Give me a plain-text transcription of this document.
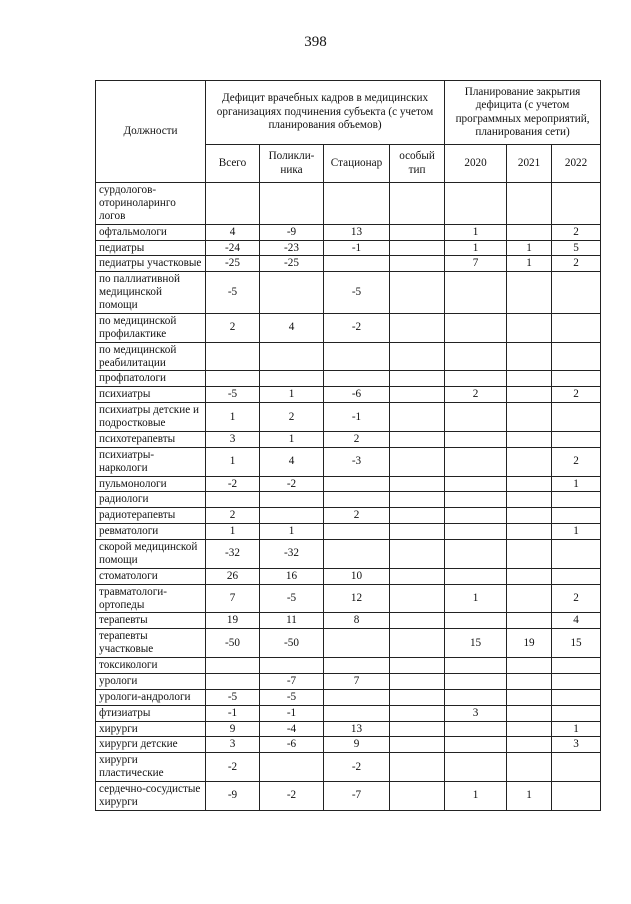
398
Должности	Дефицит врачебных кадров в медицинских организациях подчинения субъекта (с учетом планирования объемов)				Планирование закрытия дефицита (с учетом программных мероприятий, планирования сети)		
	Всего	Поликли-ника	Стационар	особый тип	2020	2021	2022
сурдологов-оториноларинго логов							
офтальмологи	4	-9	13		1		2
педиатры	-24	-23	-1		1	1	5
педиатры участковые	-25	-25			7	1	2
по паллиативной медицинской помощи	-5		-5				
по медицинской профилактике	2	4	-2				
по медицинской реабилитации							
профпатологи							
психиатры	-5	1	-6		2		2
психиатры детские и подростковые	1	2	-1				
психотерапевты	3	1	2				
психиатры-наркологи	1	4	-3				2
пульмонологи	-2	-2					1
радиологи							
радиотерапевты	2		2				
ревматологи	1	1					1
скорой медицинской помощи	-32	-32					
стоматологи	26	16	10				
травматологи-ортопеды	7	-5	12		1		2
терапевты	19	11	8				4
терапевты участковые	-50	-50			15	19	15
токсикологи							
урологи		-7	7				
урологи-андрологи	-5	-5					
фтизиатры	-1	-1			3		
хирурги	9	-4	13				1
хирурги детские	3	-6	9				3
хирурги пластические	-2		-2				
сердечно-сосудистые хирурги	-9	-2	-7		1	1	
